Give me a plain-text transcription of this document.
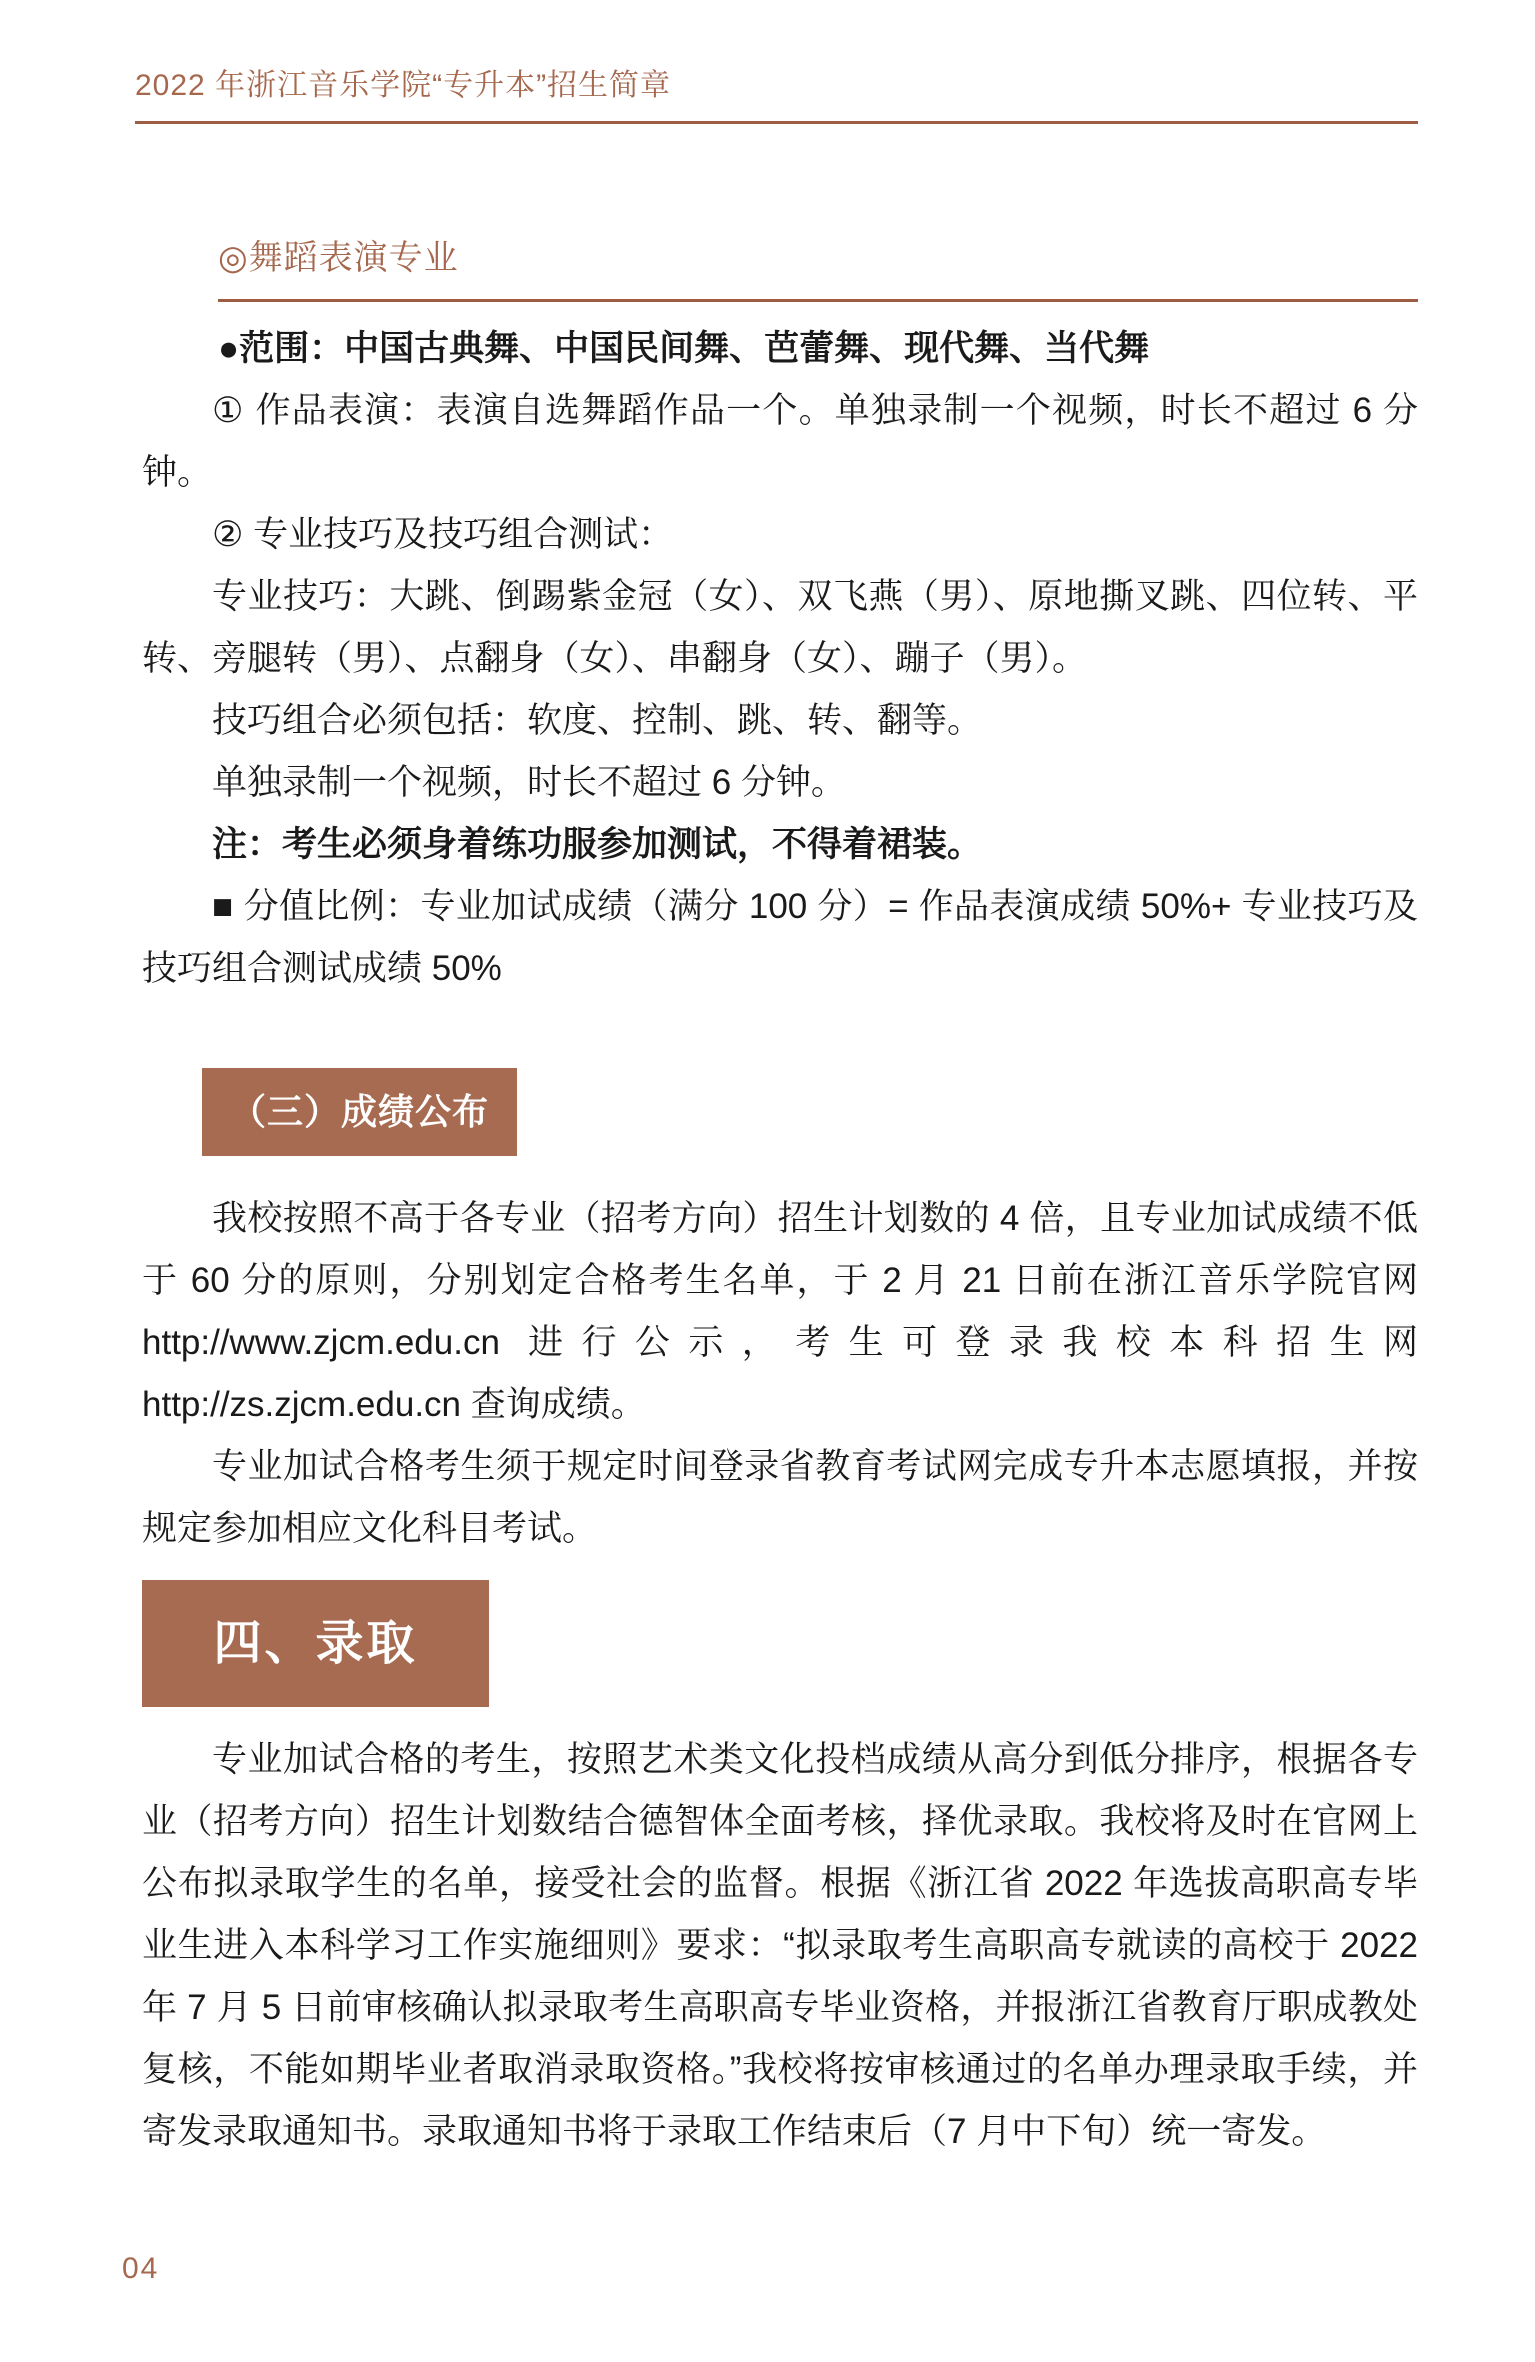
2022 年浙江音乐学院“专升本”招生简章
◎舞蹈表演专业

●范围：中国古典舞、中国民间舞、芭蕾舞、现代舞、当代舞

① 作品表演：表演自选舞蹈作品一个。单独录制一个视频，时长不超过 6 分钟。

② 专业技巧及技巧组合测试：

专业技巧：大跳、倒踢紫金冠（女）、双飞燕（男）、原地撕叉跳、四位转、平转、旁腿转（男）、点翻身（女）、串翻身（女）、蹦子（男）。

技巧组合必须包括：软度、控制、跳、转、翻等。

单独录制一个视频，时长不超过 6 分钟。

注：考生必须身着练功服参加测试，不得着裙装。

■ 分值比例：专业加试成绩（满分 100 分）= 作品表演成绩 50%+ 专业技巧及技巧组合测试成绩 50%

（三）成绩公布

我校按照不高于各专业（招考方向）招生计划数的 4 倍，且专业加试成绩不低于 60 分的原则，分别划定合格考生名单，于 2 月 21 日前在浙江音乐学院官网 http://www.zjcm.edu.cn 进行公示，考生可登录我校本科招生网 http://zs.zjcm.edu.cn 查询成绩。

专业加试合格考生须于规定时间登录省教育考试网完成专升本志愿填报，并按规定参加相应文化科目考试。

四、录取

专业加试合格的考生，按照艺术类文化投档成绩从高分到低分排序，根据各专业（招考方向）招生计划数结合德智体全面考核，择优录取。我校将及时在官网上公布拟录取学生的名单，接受社会的监督。根据《浙江省 2022 年选拔高职高专毕业生进入本科学习工作实施细则》要求：“拟录取考生高职高专就读的高校于 2022 年 7 月 5 日前审核确认拟录取考生高职高专毕业资格，并报浙江省教育厅职成教处复核，不能如期毕业者取消录取资格。”我校将按审核通过的名单办理录取手续，并寄发录取通知书。录取通知书将于录取工作结束后（7 月中下旬）统一寄发。

04
